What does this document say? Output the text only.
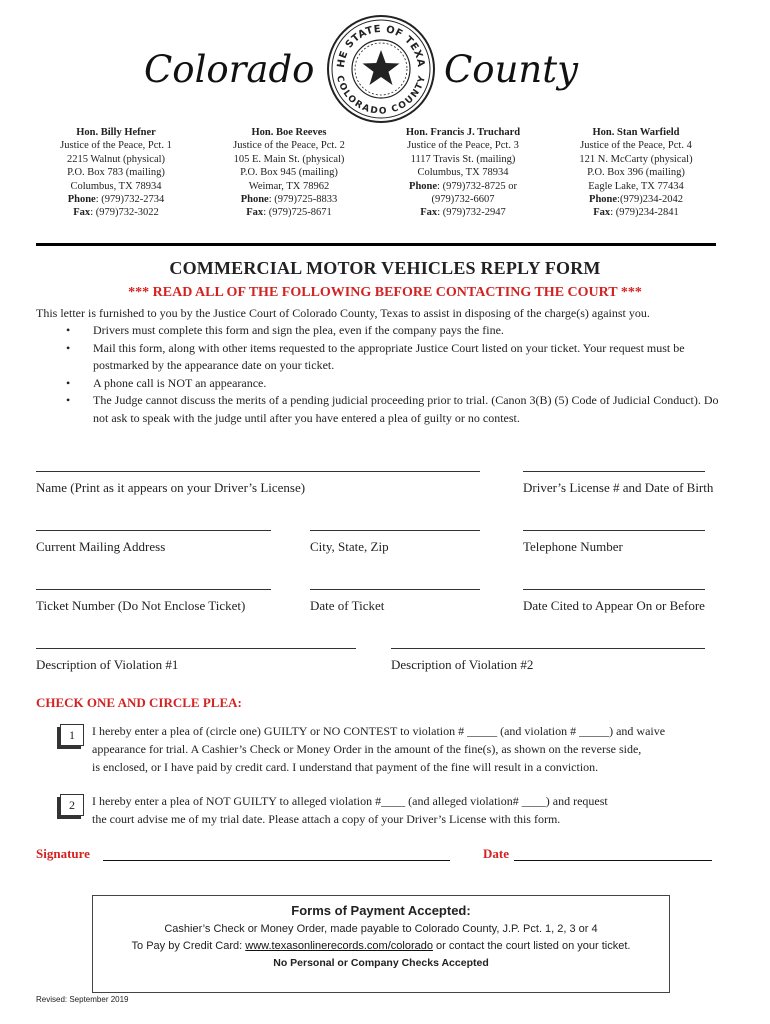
Colorado	County
HE STATE OF TEXA
COLORADO COUNTY
Hon. Billy Hefner
Justice of the Peace, Pct. 1
2215 Walnut (physical)
P.O. Box 783 (mailing)
Columbus, TX 78934
Phone: (979)732-2734
Fax: (979)732-3022
Hon. Boe Reeves
Justice of the Peace, Pct. 2
105 E. Main St. (physical)
P.O. Box 945 (mailing)
Weimar, TX 78962
Phone: (979)725-8833
Fax: (979)725-8671
Hon. Francis J. Truchard
Justice of the Peace, Pct. 3
1117 Travis St. (mailing)
Columbus, TX 78934
Phone: (979)732-8725 or
(979)732-6607
Fax: (979)732-2947
Hon. Stan Warfield
Justice of the Peace, Pct. 4
121 N. McCarty (physical)
P.O. Box 396 (mailing)
Eagle Lake, TX 77434
Phone:(979)234-2042
Fax: (979)234-2841
COMMERCIAL MOTOR VEHICLES REPLY FORM
*** READ ALL OF THE FOLLOWING BEFORE CONTACTING THE COURT ***
This letter is furnished to you by the Justice Court of Colorado County, Texas to assist in disposing of the charge(s) against you.
• Drivers must complete this form and sign the plea, even if the company pays the fine.
• Mail this form, along with other items requested to the appropriate Justice Court listed on your ticket. Your request must be postmarked by the appearance date on your ticket.
• A phone call is NOT an appearance.
• The Judge cannot discuss the merits of a pending judicial proceeding prior to trial. (Canon 3(B) (5) Code of Judicial Conduct). Do not ask to speak with the judge until after you have entered a plea of guilty or no contest.
Name (Print as it appears on your Driver’s License)	Driver’s License # and Date of Birth
Current Mailing Address	City, State, Zip	Telephone Number
Ticket Number (Do Not Enclose Ticket)	Date of Ticket	Date Cited to Appear On or Before
Description of Violation #1	Description of Violation #2
CHECK ONE AND CIRCLE PLEA:
1	I hereby enter a plea of (circle one) GUILTY or NO CONTEST to violation # _____ (and violation # _____) and waive
appearance for trial. A Cashier’s Check or Money Order in the amount of the fine(s), as shown on the reverse side,
is enclosed, or I have paid by credit card. I understand that payment of the fine will result in a conviction.
2	I hereby enter a plea of NOT GUILTY to alleged violation #____ (and alleged violation# ____) and request
the court advise me of my trial date. Please attach a copy of your Driver’s License with this form.
Signature	Date
Forms of Payment Accepted:
Cashier’s Check or Money Order, made payable to Colorado County, J.P. Pct. 1, 2, 3 or 4
To Pay by Credit Card: www.texasonlinerecords.com/colorado or contact the court listed on your ticket.
No Personal or Company Checks Accepted
Revised: September 2019
